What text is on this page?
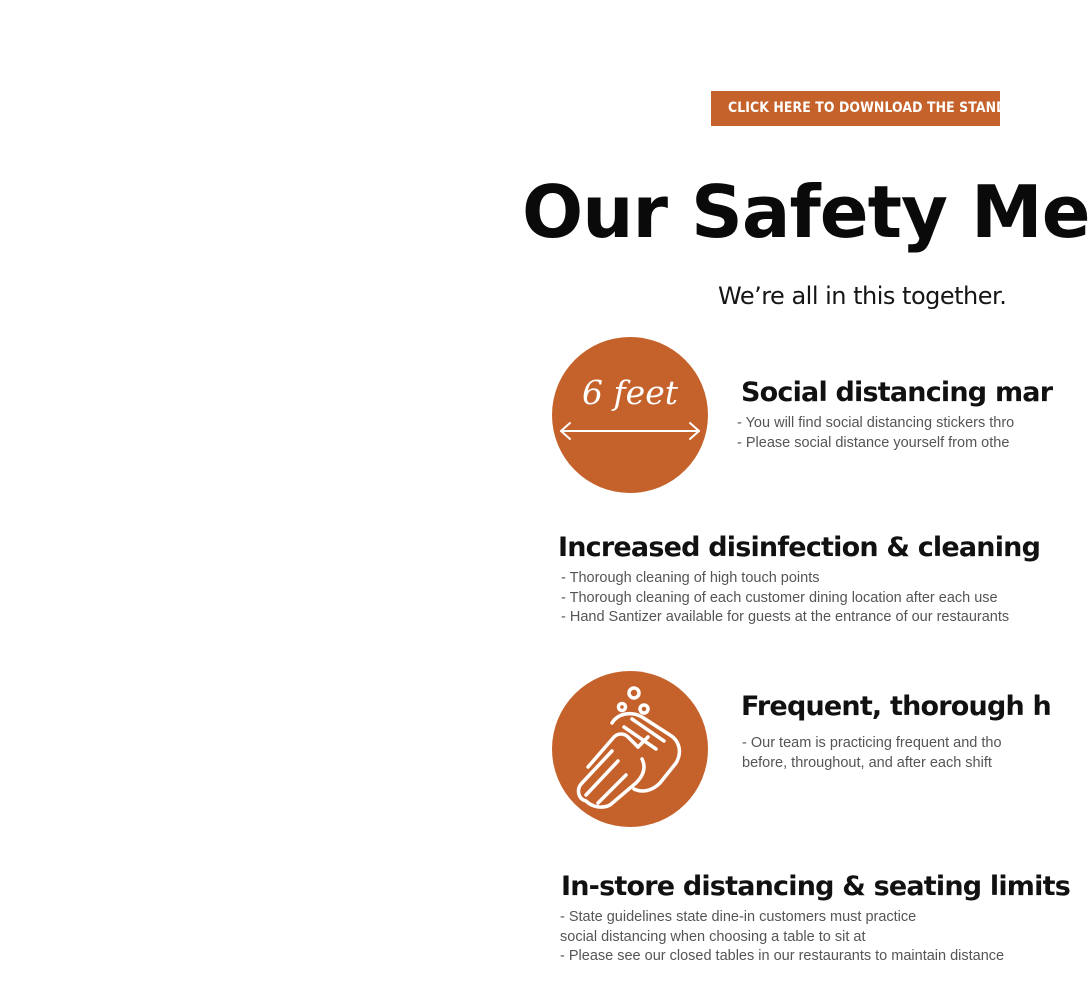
CLICK HERE TO DOWNLOAD THE STAND APP
Our Safety Me

We’re all in this together.

6 feet	Social distancing mar
- You will find social distancing stickers thro
- Please social distance yourself from othe
Increased disinfection & cleaning
- Thorough cleaning of high touch points
- Thorough cleaning of each customer dining location after each use
- Hand Santizer available for guests at the entrance of our restaurants
Frequent, thorough h
- Our team is practicing frequent and tho
before, throughout, and after each shift
In-store distancing & seating limits
- State guidelines state dine-in customers must practice
social distancing when choosing a table to sit at
- Please see our closed tables in our restaurants to maintain distance
